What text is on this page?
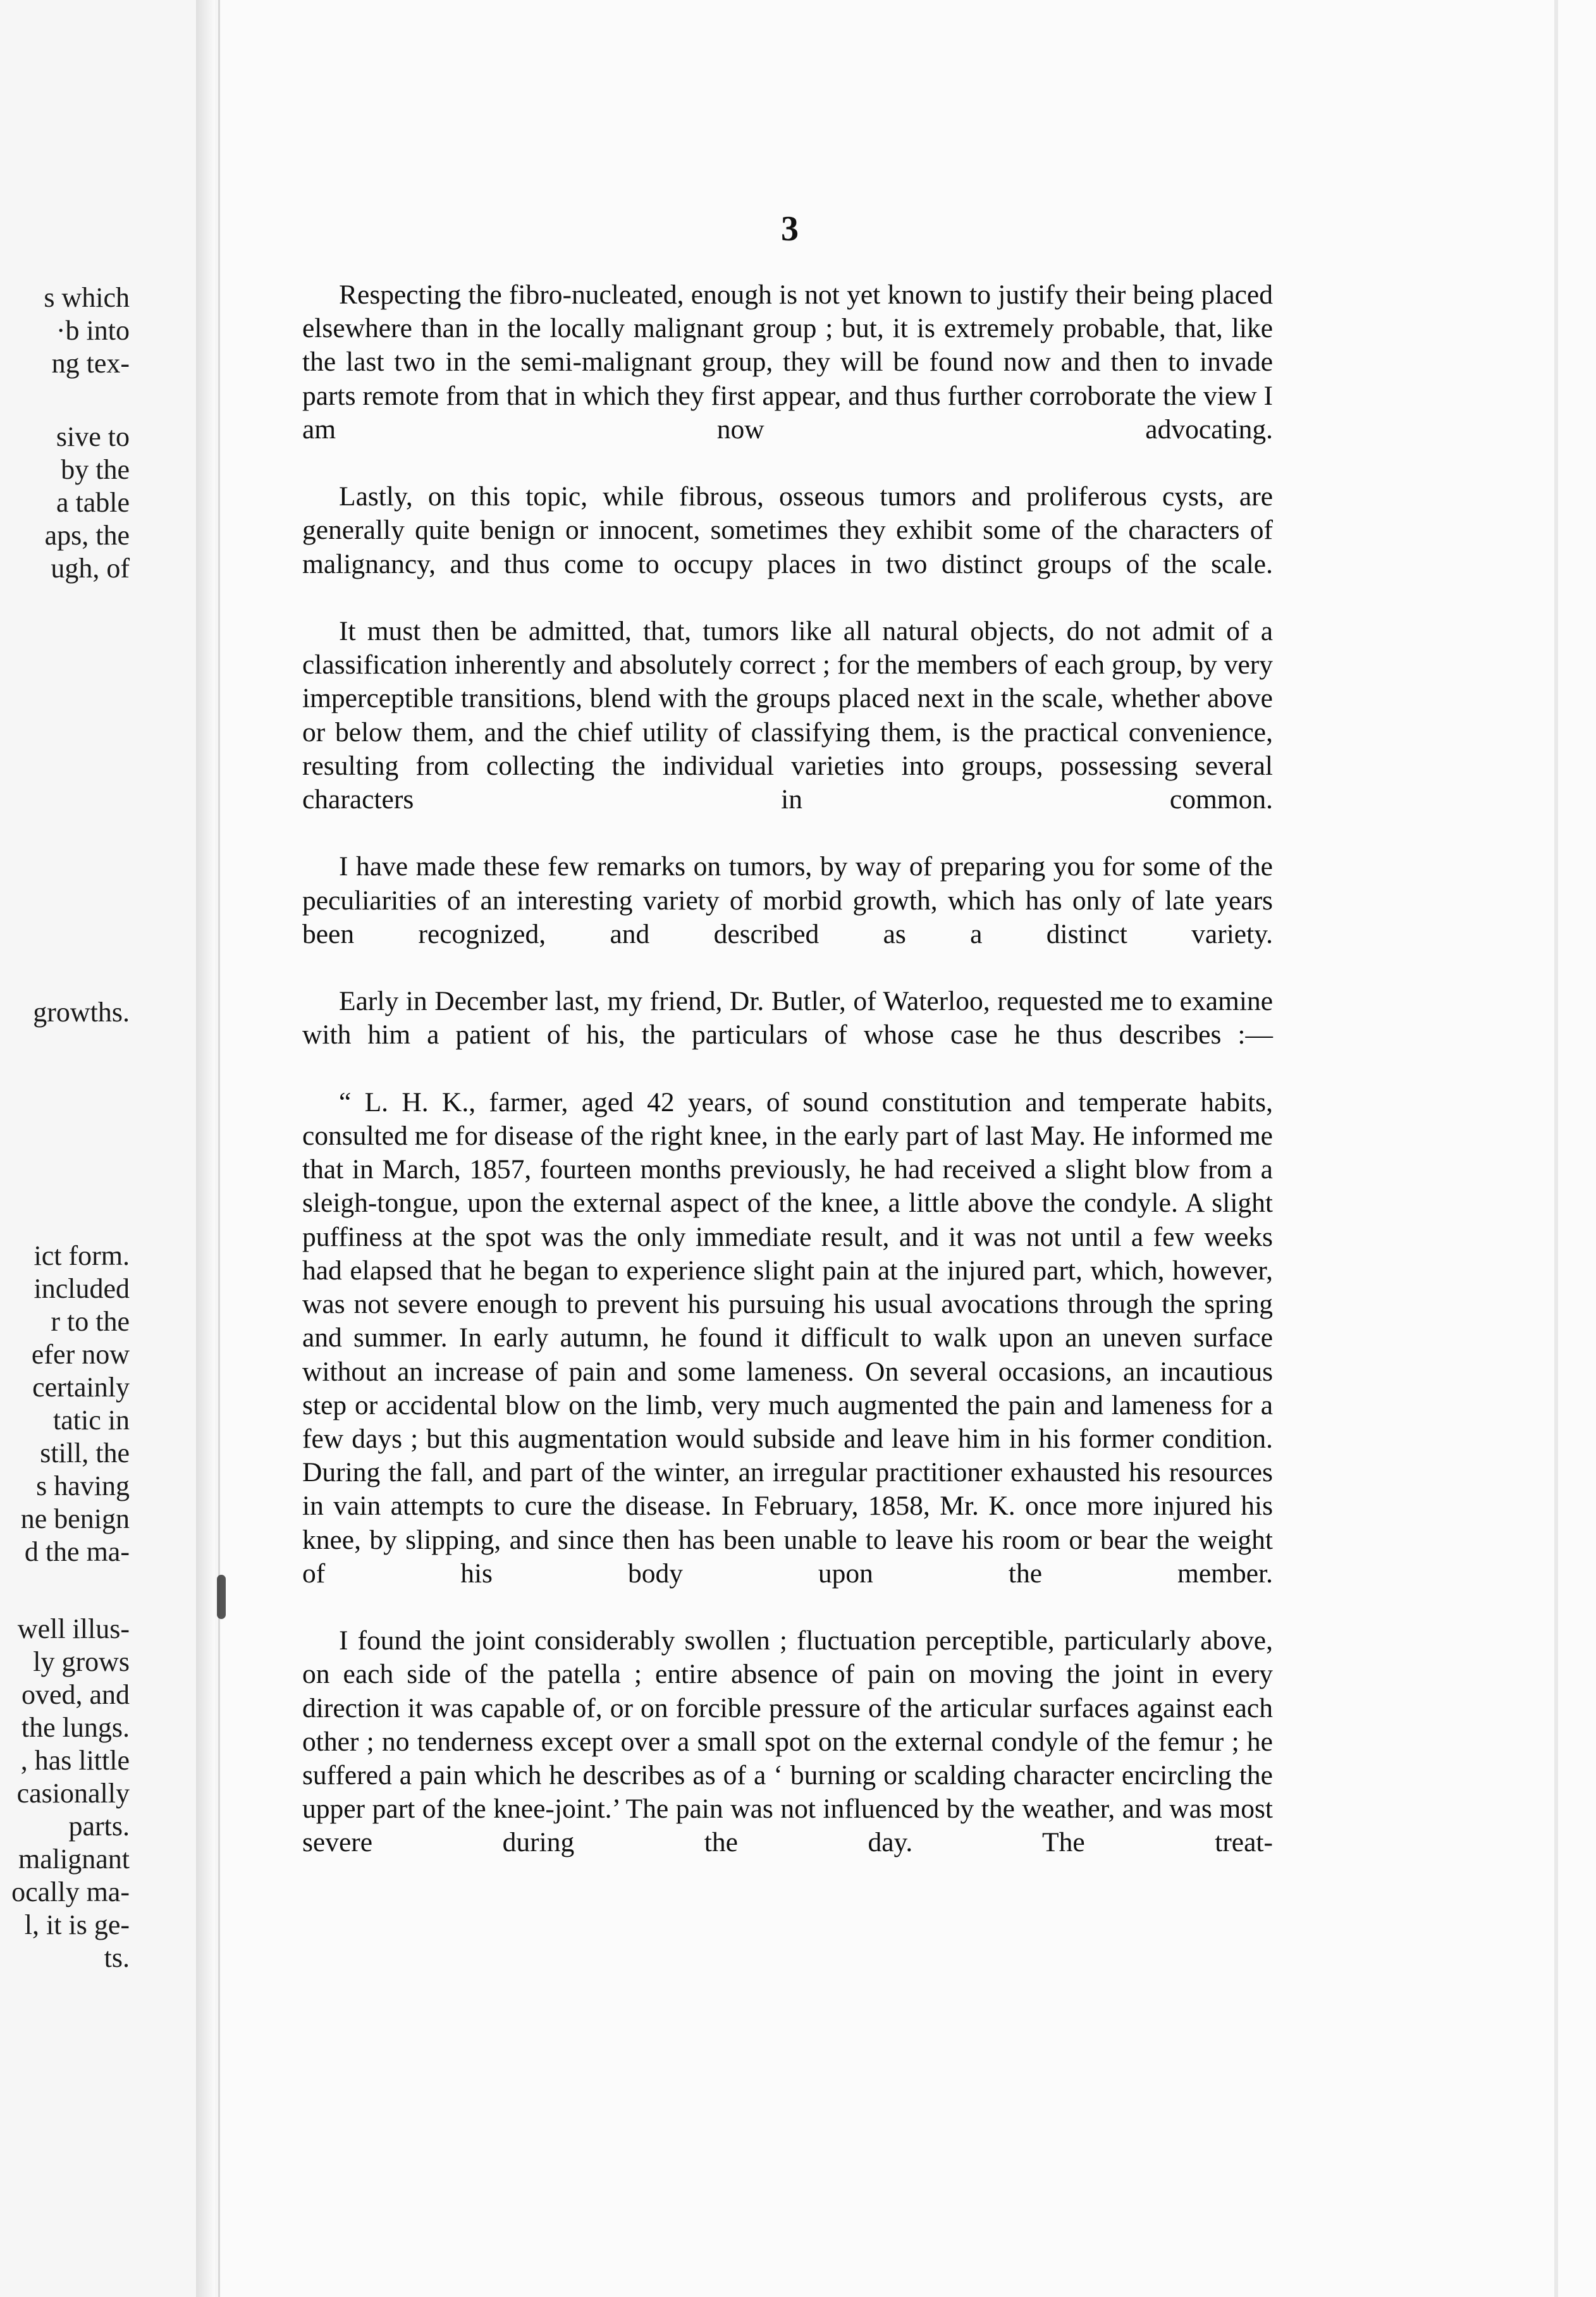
s which
·b into
ng tex-
sive to
by the
a table
aps, the
ugh, of
growths.
ict form.
included
r to the
efer now
certainly
tatic in
still, the
s having
ne benign
d the ma-
well illus-
ly grows
oved, and
the lungs.
, has little
casionally
parts.
malignant
ocally ma-
l, it is ge-
ts.
3

Respecting the fibro-nucleated, enough is not yet known to justify their being placed elsewhere than in the locally malignant group ; but, it is extremely probable, that, like the last two in the semi-malignant group, they will be found now and then to invade parts remote from that in which they first appear, and thus further corroborate the view I am now advocating.

Lastly, on this topic, while fibrous, osseous tumors and proliferous cysts, are generally quite benign or innocent, sometimes they exhibit some of the characters of malignancy, and thus come to occupy places in two distinct groups of the scale.

It must then be admitted, that, tumors like all natural objects, do not admit of a classification inherently and absolutely correct ; for the members of each group, by very imperceptible transitions, blend with the groups placed next in the scale, whether above or below them, and the chief utility of classifying them, is the practical convenience, resulting from collecting the individual varieties into groups, possessing several characters in common.

I have made these few remarks on tumors, by way of preparing you for some of the peculiarities of an interesting variety of morbid growth, which has only of late years been recognized, and described as a distinct variety.

Early in December last, my friend, Dr. Butler, of Waterloo, requested me to examine with him a patient of his, the particulars of whose case he thus describes :—

“ L. H. K., farmer, aged 42 years, of sound constitution and temperate habits, consulted me for disease of the right knee, in the early part of last May. He informed me that in March, 1857, fourteen months previously, he had received a slight blow from a sleigh-tongue, upon the external aspect of the knee, a little above the condyle. A slight puffiness at the spot was the only immediate result, and it was not until a few weeks had elapsed that he began to experience slight pain at the injured part, which, however, was not severe enough to prevent his pursuing his usual avocations through the spring and summer. In early autumn, he found it difficult to walk upon an uneven surface without an increase of pain and some lameness. On several occasions, an incautious step or accidental blow on the limb, very much augmented the pain and lameness for a few days ; but this augmentation would subside and leave him in his former condition. During the fall, and part of the winter, an irregular practitioner exhausted his resources in vain attempts to cure the disease. In February, 1858, Mr. K. once more injured his knee, by slipping, and since then has been unable to leave his room or bear the weight of his body upon the member.

I found the joint considerably swollen ; fluctuation perceptible, particularly above, on each side of the patella ; entire absence of pain on moving the joint in every direction it was capable of, or on forcible pressure of the articular surfaces against each other ; no tenderness except over a small spot on the external condyle of the femur ; he suffered a pain which he describes as of a ‘ burning or scalding character encircling the upper part of the knee-joint.’ The pain was not influenced by the weather, and was most severe during the day. The treat-
